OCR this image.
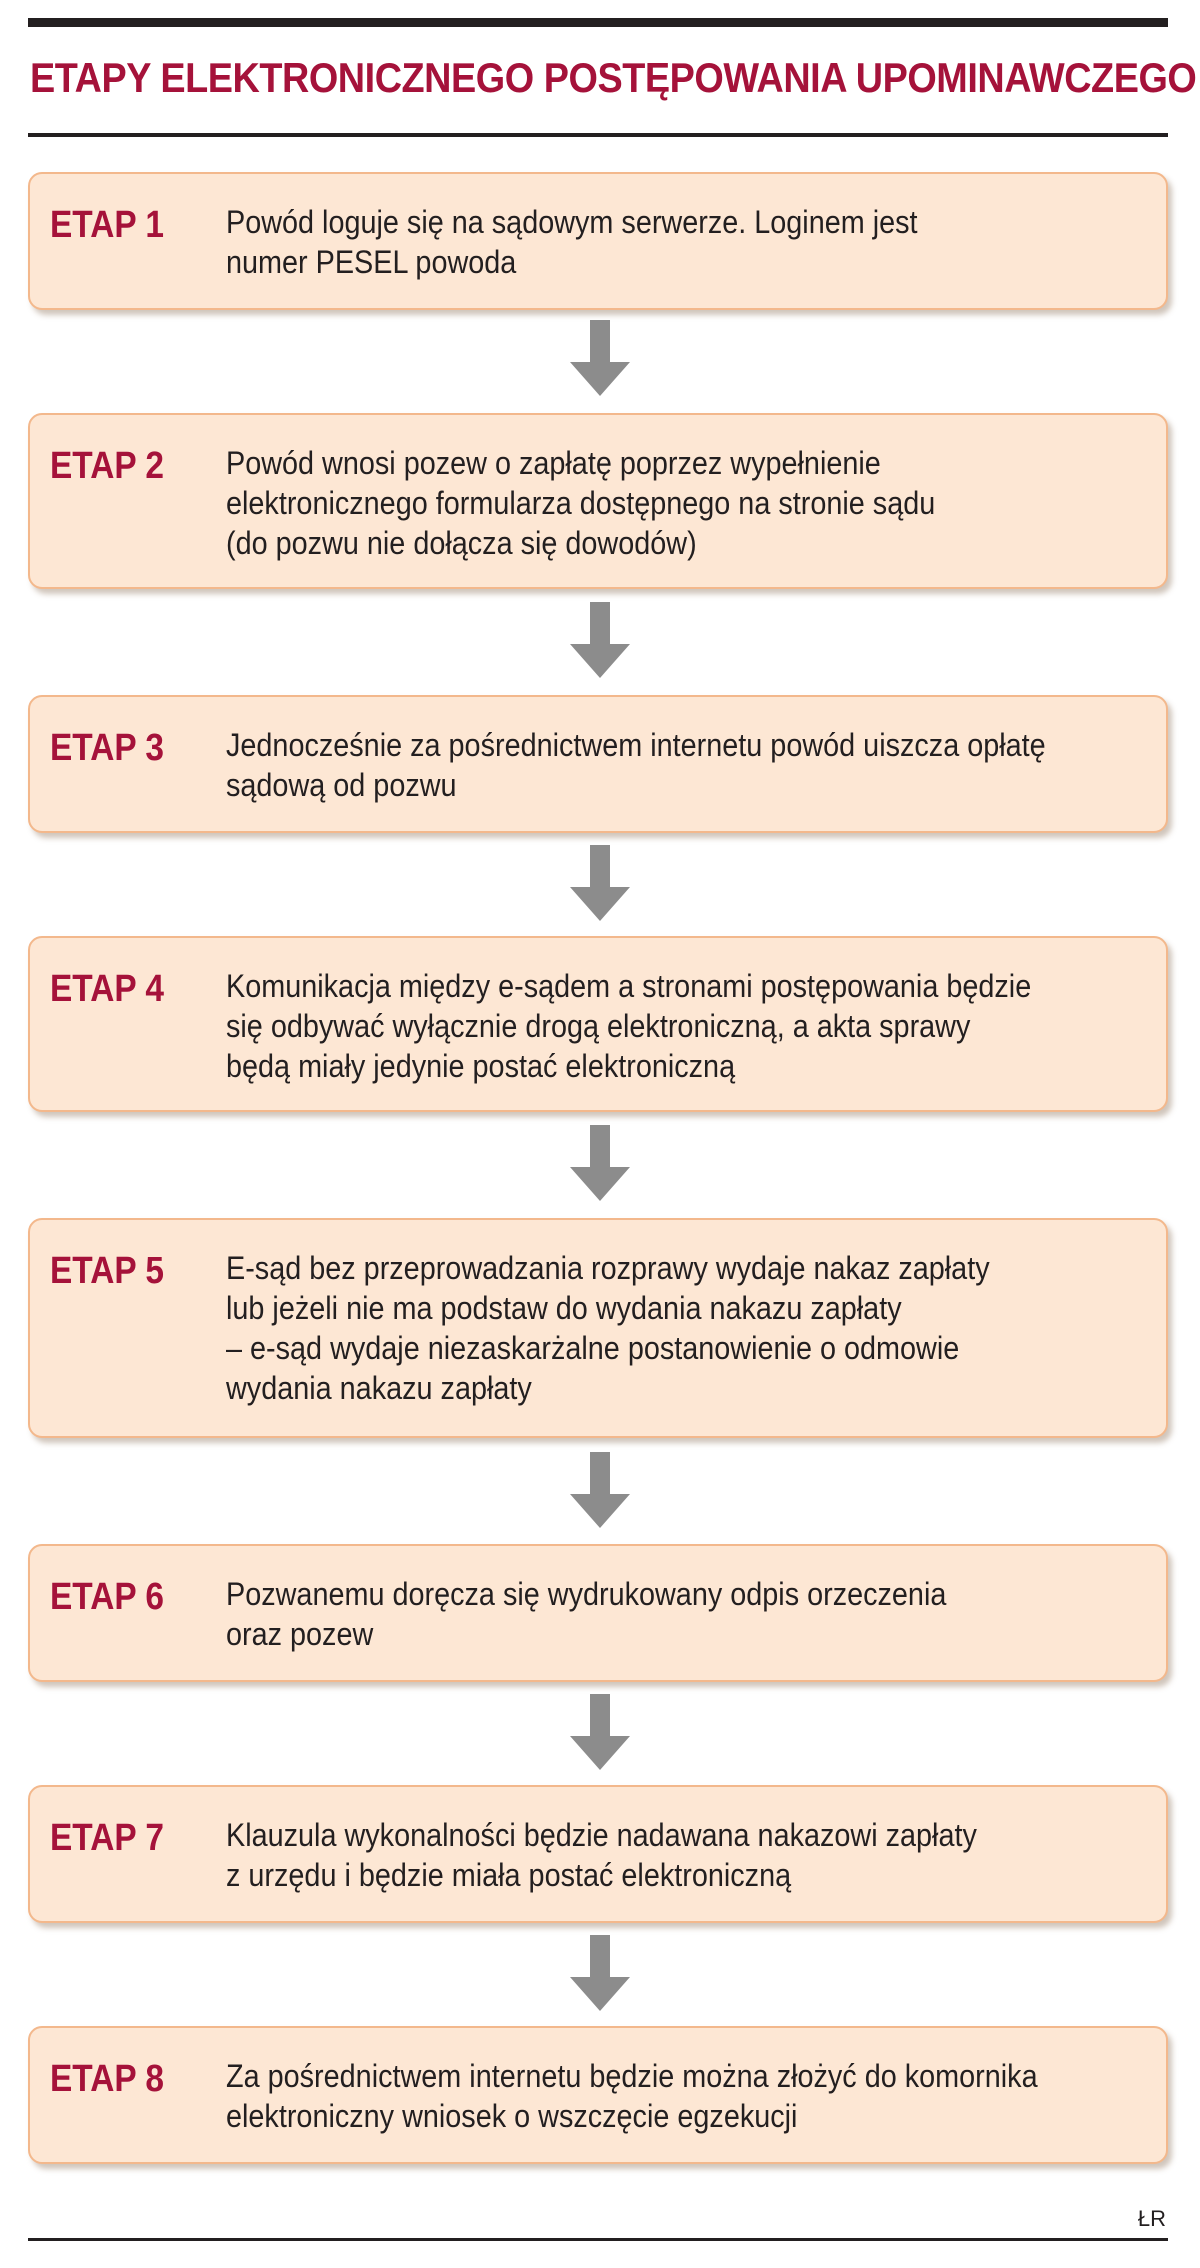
ETAPY ELEKTRONICZNEGO POSTĘPOWANIA UPOMINAWCZEGO
ETAP 1 Powód loguje się na sądowym serwerze. Loginem jest
numer PESEL powoda
ETAP 2 Powód wnosi pozew o zapłatę poprzez wypełnienie
elektronicznego formularza dostępnego na stronie sądu
(do pozwu nie dołącza się dowodów)
ETAP 3 Jednocześnie za pośrednictwem internetu powód uiszcza opłatę
sądową od pozwu
ETAP 4 Komunikacja między e-sądem a stronami postępowania będzie
się odbywać wyłącznie drogą elektroniczną, a akta sprawy
będą miały jedynie postać elektroniczną
ETAP 5 E-sąd bez przeprowadzania rozprawy wydaje nakaz zapłaty
lub jeżeli nie ma podstaw do wydania nakazu zapłaty
– e-sąd wydaje niezaskarżalne postanowienie o odmowie
wydania nakazu zapłaty
ETAP 6 Pozwanemu doręcza się wydrukowany odpis orzeczenia
oraz pozew
ETAP 7 Klauzula wykonalności będzie nadawana nakazowi zapłaty
z urzędu i będzie miała postać elektroniczną
ETAP 8 Za pośrednictwem internetu będzie można złożyć do komornika
elektroniczny wniosek o wszczęcie egzekucji
ŁR
